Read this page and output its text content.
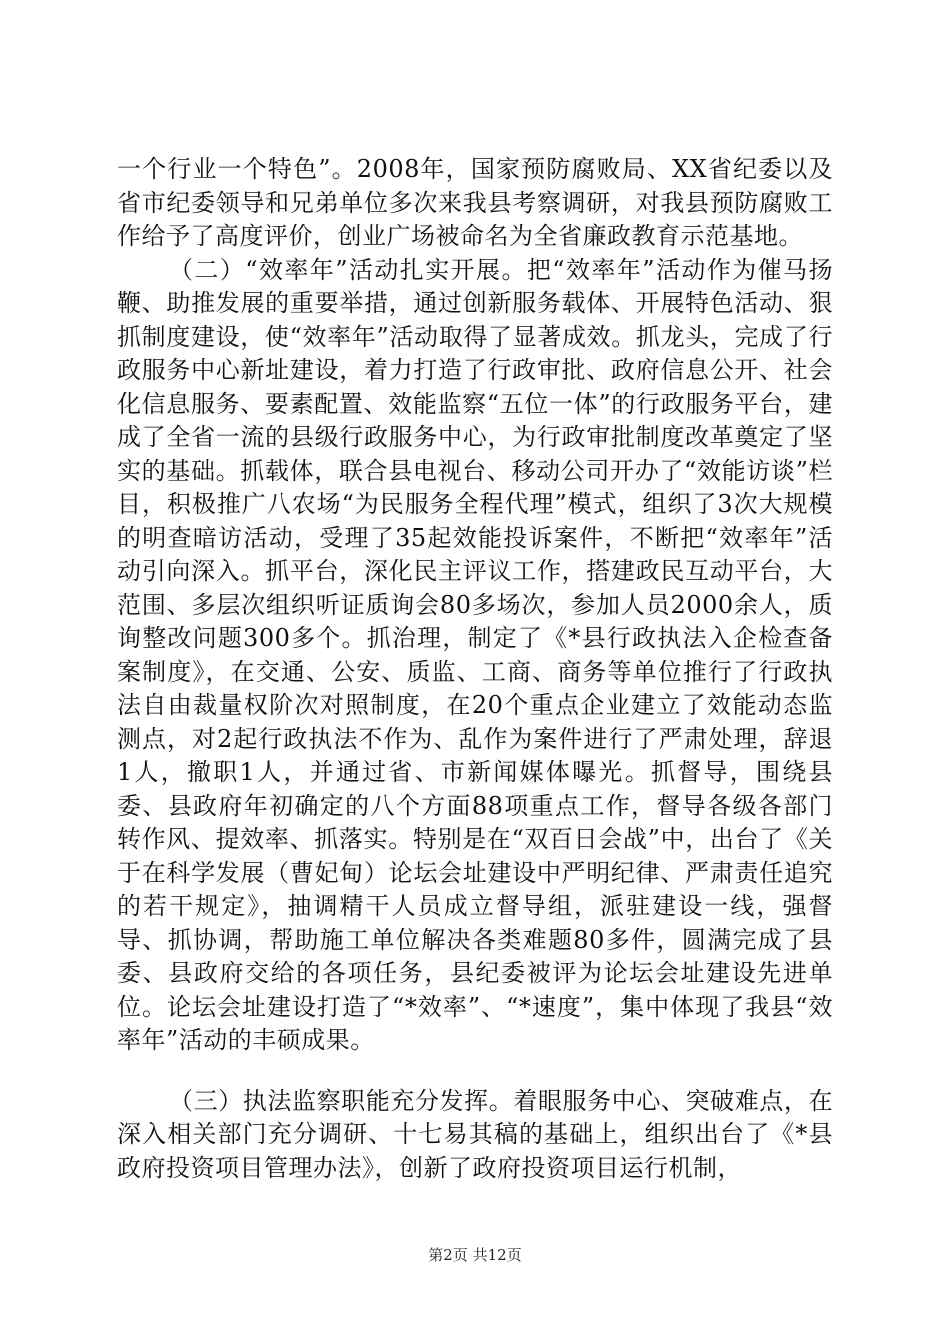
一个行业一个特色”。2008年，国家预防腐败局、XX省纪委以及省市纪委领导和兄弟单位多次来我县考察调研，对我县预防腐败工作给予了高度评价，创业广场被命名为全省廉政教育示范基地。

（二）“效率年”活动扎实开展。把“效率年”活动作为催马扬鞭、助推发展的重要举措，通过创新服务载体、开展特色活动、狠抓制度建设，使“效率年”活动取得了显著成效。抓龙头，完成了行政服务中心新址建设，着力打造了行政审批、政府信息公开、社会化信息服务、要素配置、效能监察“五位一体”的行政服务平台，建成了全省一流的县级行政服务中心，为行政审批制度改革奠定了坚实的基础。抓载体，联合县电视台、移动公司开办了“效能访谈”栏目，积极推广八农场“为民服务全程代理”模式，组织了3次大规模的明查暗访活动，受理了35起效能投诉案件，不断把“效率年”活动引向深入。抓平台，深化民主评议工作，搭建政民互动平台，大范围、多层次组织听证质询会80多场次，参加人员2000余人，质询整改问题300多个。抓治理，制定了《*县行政执法入企检查备案制度》，在交通、公安、质监、工商、商务等单位推行了行政执法自由裁量权阶次对照制度，在20个重点企业建立了效能动态监测点，对2起行政执法不作为、乱作为案件进行了严肃处理，辞退1人，撤职1人，并通过省、市新闻媒体曝光。抓督导，围绕县委、县政府年初确定的八个方面88项重点工作，督导各级各部门转作风、提效率、抓落实。特别是在“双百日会战”中，出台了《关于在科学发展（曹妃甸）论坛会址建设中严明纪律、严肃责任追究的若干规定》，抽调精干人员成立督导组，派驻建设一线，强督导、抓协调，帮助施工单位解决各类难题80多件，圆满完成了县委、县政府交给的各项任务，县纪委被评为论坛会址建设先进单位。论坛会址建设打造了“*效率”、“*速度”，集中体现了我县“效率年”活动的丰硕成果。

（三）执法监察职能充分发挥。着眼服务中心、突破难点，在深入相关部门充分调研、十七易其稿的基础上，组织出台了《*县政府投资项目管理办法》，创新了政府投资项目运行机制，

第2页 共12页
